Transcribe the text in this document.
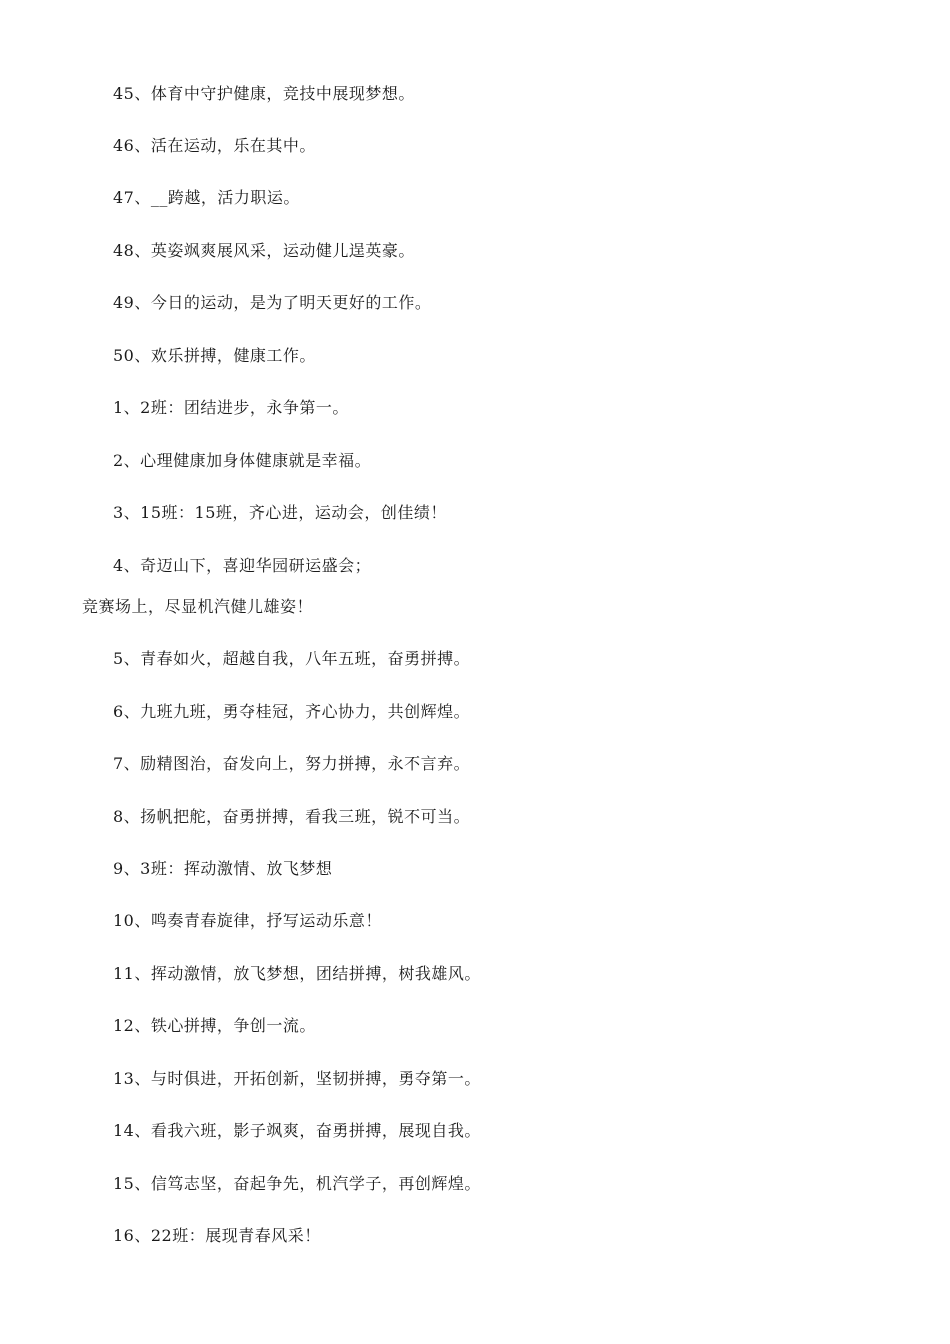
45、体育中守护健康，竞技中展现梦想。
46、活在运动，乐在其中。
47、__跨越，活力职运。
48、英姿飒爽展风采，运动健儿逞英豪。
49、今日的运动，是为了明天更好的工作。
50、欢乐拼搏，健康工作。
1、2班：团结进步，永争第一。
2、心理健康加身体健康就是幸福。
3、15班：15班，齐心进，运动会，创佳绩！
4、奇迈山下，喜迎华园研运盛会；
竞赛场上，尽显机汽健儿雄姿！
5、青春如火，超越自我，八年五班，奋勇拼搏。
6、九班九班，勇夺桂冠，齐心协力，共创辉煌。
7、励精图治，奋发向上，努力拼搏，永不言弃。
8、扬帆把舵，奋勇拼搏，看我三班，锐不可当。
9、3班：挥动激情、放飞梦想
10、鸣奏青春旋律，抒写运动乐意！
11、挥动激情，放飞梦想，团结拼搏，树我雄风。
12、铁心拼搏，争创一流。
13、与时俱进，开拓创新，坚韧拼搏，勇夺第一。
14、看我六班，影子飒爽，奋勇拼搏，展现自我。
15、信笃志坚，奋起争先，机汽学子，再创辉煌。
16、22班：展现青春风采！
